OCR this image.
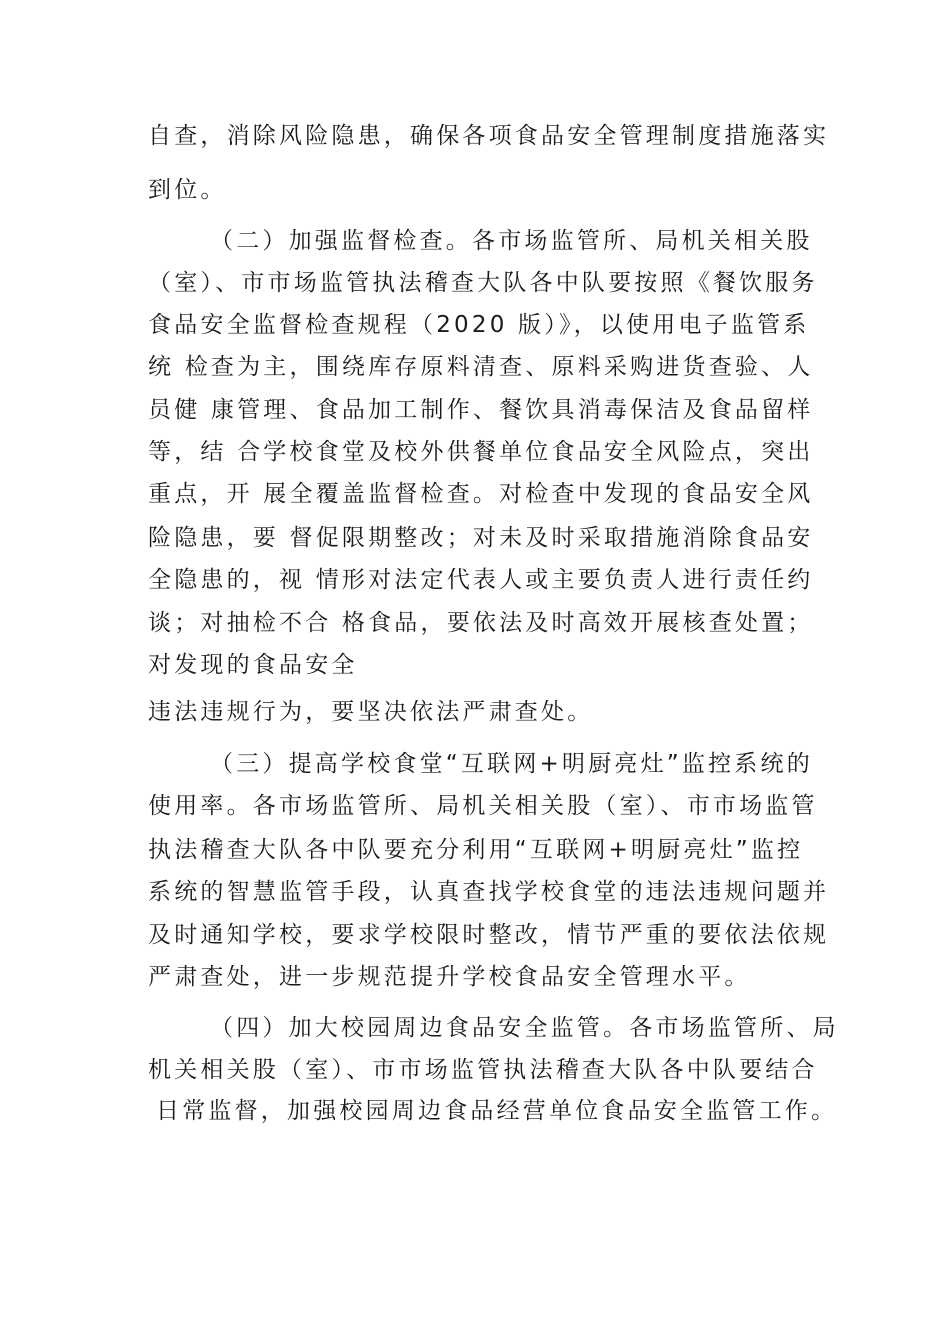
自查，消除风险隐患，确保各项食品安全管理制度措施落实
到位。
（二）加强监督检查。各市场监管所、局机关相关股
（室）、市市场监管执法稽查大队各中队要按照《餐饮服务
食品安全监督检查规程（2020 版）》，以使用电子监管系
统 检查为主，围绕库存原料清查、原料采购进货查验、人
员健 康管理、食品加工制作、餐饮具消毒保洁及食品留样
等，结 合学校食堂及校外供餐单位食品安全风险点，突出
重点，开 展全覆盖监督检查。对检查中发现的食品安全风
险隐患，要 督促限期整改；对未及时采取措施消除食品安
全隐患的，视 情形对法定代表人或主要负责人进行责任约
谈；对抽检不合 格食品，要依法及时高效开展核查处置；
对发现的食品安全
违法违规行为，要坚决依法严肃查处。
（三）提高学校食堂“互联网+明厨亮灶”监控系统的
使用率。各市场监管所、局机关相关股（室）、市市场监管
执法稽查大队各中队要充分利用“互联网+明厨亮灶”监控
系统的智慧监管手段，认真查找学校食堂的违法违规问题并
及时通知学校，要求学校限时整改，情节严重的要依法依规
严肃查处，进一步规范提升学校食品安全管理水平。
（四）加大校园周边食品安全监管。各市场监管所、局
机关相关股（室）、市市场监管执法稽查大队各中队要结合
日常监督，加强校园周边食品经营单位食品安全监管工作。
